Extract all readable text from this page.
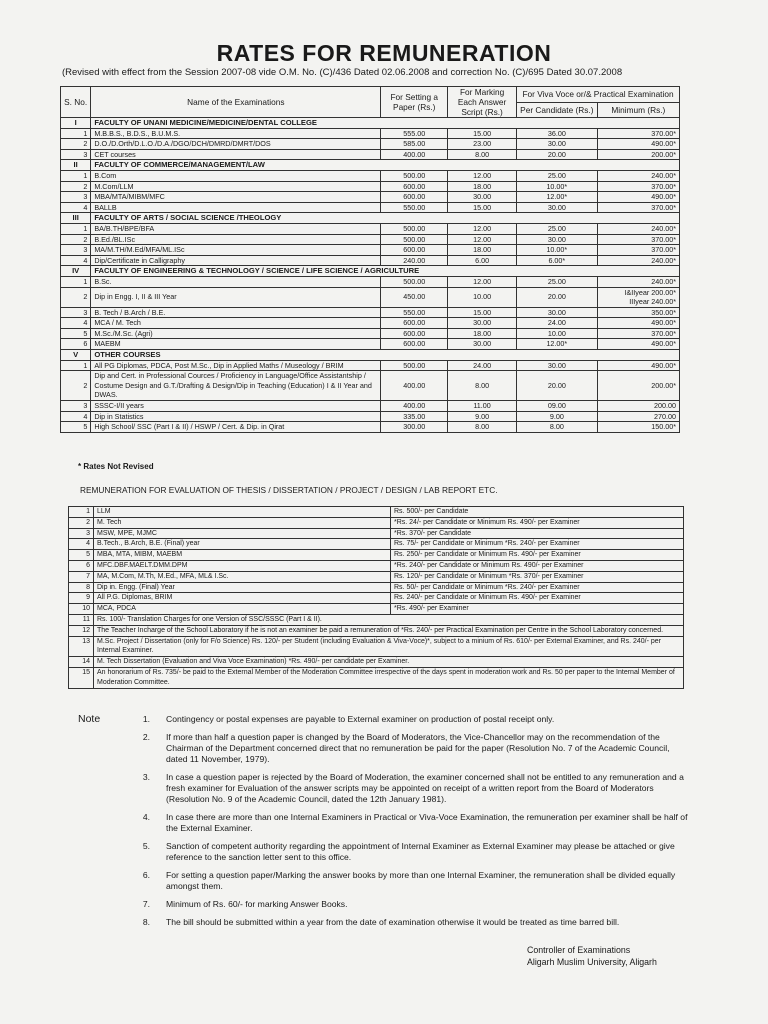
RATES FOR REMUNERATION
(Revised with effect from the Session 2007-08 vide O.M. No. (C)/436 Dated 02.06.2008 and correction No. (C)/695 Dated 30.07.2008
S. No.	Name of the Examinations	For Setting a Paper (Rs.)	For Marking Each Answer Script (Rs.)	For Viva Voce or/& Practical Examination	
				Per Candidate (Rs.)	Minimum (Rs.)
I	FACULTY OF UNANI MEDICINE/MEDICINE/DENTAL COLLEGE				
1	M.B.B.S., B.D.S., B.U.M.S.	555.00	15.00	36.00	370.00*
2	D.O./D.Orth/D.L.O./D.A./DGO/DCH/DMRD/DMRT/DOS	585.00	23.00	30.00	490.00*
3	CET courses	400.00	8.00	20.00	200.00*
II	FACULTY OF COMMERCE/MANAGEMENT/LAW				
1	B.Com	500.00	12.00	25.00	240.00*
2	M.Com/LLM	600.00	18.00	10.00*	370.00*
3	MBA/MTA/MIBM/MFC	600.00	30.00	12.00*	490.00*
4	BALLB	550.00	15.00	30.00	370.00*
III	FACULTY OF ARTS / SOCIAL SCIENCE /THEOLOGY				
1	BA/B.TH/BPE/BFA	500.00	12.00	25.00	240.00*
2	B.Ed./BL.ISc	500.00	12.00	30.00	370.00*
3	MA/M.TH/M.Ed/MFA/ML.ISc	600.00	18.00	10.00*	370.00*
4	Dip/Certificate in Calligraphy	240.00	6.00	6.00*	240.00*
IV	FACULTY OF ENGINEERING & TECHNOLOGY / SCIENCE / LIFE SCIENCE / AGRICULTURE				
1	B.Sc.	500.00	12.00	25.00	240.00*
2	Dip in Engg. I, II & III Year	450.00	10.00	20.00	I&IIyear 200.00*
IIIyear 240.00*
3	B. Tech / B.Arch / B.E.	550.00	15.00	30.00	350.00*
4	MCA / M. Tech	600.00	30.00	24.00	490.00*
5	M.Sc./M.Sc. (Agri)	600.00	18.00	10.00	370.00*
6	MAEBM	600.00	30.00	12.00*	490.00*
V	OTHER COURSES				
1	All PG Diplomas, PDCA, Post M.Sc., Dip in Applied Maths / Museology / BRIM	500.00	24.00	30.00	490.00*
2	Dip and Cert. in Professional Cources / Proficiency in Language/Office Assistantship / Costume Design and G.T./Drafting & Design/Dip in Teaching (Education) I & II Year and DWAS.	400.00	8.00	20.00	200.00*
3	SSSC-I/II years	400.00	11.00	09.00	200.00
4	Dip in Statistics	335.00	9.00	9.00	270.00
5	High School/ SSC (Part I & II) / HSWP / Cert. & Dip. in Qirat	300.00	8.00	8.00	150.00*
* Rates Not Revised
REMUNERATION FOR EVALUATION OF THESIS / DISSERTATION / PROJECT / DESIGN / LAB REPORT ETC.
1	LLM	Rs. 500/- per Candidate
2	M. Tech	*Rs. 24/- per Candidate or Minimum Rs. 490/- per Examiner
3	MSW, MPE, MJMC	*Rs. 370/- per Candidate
4	B.Tech., B.Arch, B.E. (Final) year	Rs. 75/- per Candidate or Minimum *Rs. 240/- per Examiner
5	MBA, MTA, MIBM, MAEBM	Rs. 250/- per Candidate or Minimum Rs. 490/- per Examiner
6	MFC.DBF.MAELT.DMM.DPM	*Rs. 240/- per Candidate or Minimum Rs. 490/- per Examiner
7	MA, M.Com, M.Th, M.Ed., MFA, ML& I.Sc.	Rs. 120/- per Candidate or Minimum *Rs. 370/- per Examiner
8	Dip in. Engg. (Final) Year	Rs. 50/- per Candidate or Minimum *Rs. 240/- per Examiner
9	All P.G. Diplomas, BRIM	Rs. 240/- per Candidate or Minimum Rs. 490/- per Examiner
10	MCA, PDCA	*Rs. 490/- per Examiner
11	Rs. 100/- Translation Charges for one Version of SSC/SSSC (Part I & II).	
12	The Teacher Incharge of the School Laboratory if he is not an examiner be paid a remuneration of *Rs. 240/- per Practical Examination per Centre in the School Laboratory concerned.	
13	M.Sc. Project / Dissertation (only for F/o Science) Rs. 120/- per Student (including Evaluation & Viva-Voce)*, subject to a minium of Rs. 610/- per External Examiner, and Rs. 240/- per Internal Examiner.	
14	M. Tech Dissertation (Evaluation and Viva Voce Examination) *Rs. 490/- per candidate per Examiner.	
15	An honorarium of Rs. 735/- be paid to the External Member of the Moderation Committee irrespective of the days spent in moderation work and Rs. 50 per paper to the Internal Member of Moderation Committee.	
Note	1.	Contingency or postal expenses are payable to External examiner on production of postal receipt only.
2.	If more than half a question paper is changed by the Board of Moderators, the Vice-Chancellor may on the recommendation of the Chairman of the Department concerned direct that no remuneration be paid for the paper (Resolution No. 7 of the Academic Council, dated 11 November, 1979).
3.	In case a question paper is rejected by the Board of Moderation, the examiner concerned shall not be entitled to any remuneration and a fresh examiner for Evaluation of the answer scripts may be appointed on receipt of a written report from the Board of Moderators (Resolution No. 9 of the Academic Council, dated the 12th January 1981).
4.	In case there are more than one Internal Examiners in Practical or Viva-Voce Examination, the remuneration per examiner shall be half of the External Examiner.
5.	Sanction of competent authority regarding the appointment of Internal Examiner as External Examiner may please be attached or give reference to the sanction letter sent to this office.
6.	For setting a question paper/Marking the answer books by more than one Internal Examiner, the remuneration shall be divided equally amongst them.
7.	Minimum of Rs. 60/- for marking Answer Books.
8.	The bill should be submitted within a year from the date of examination otherwise it would be treated as time barred bill.
Controller of Examinations
Aligarh Muslim University, Aligarh
